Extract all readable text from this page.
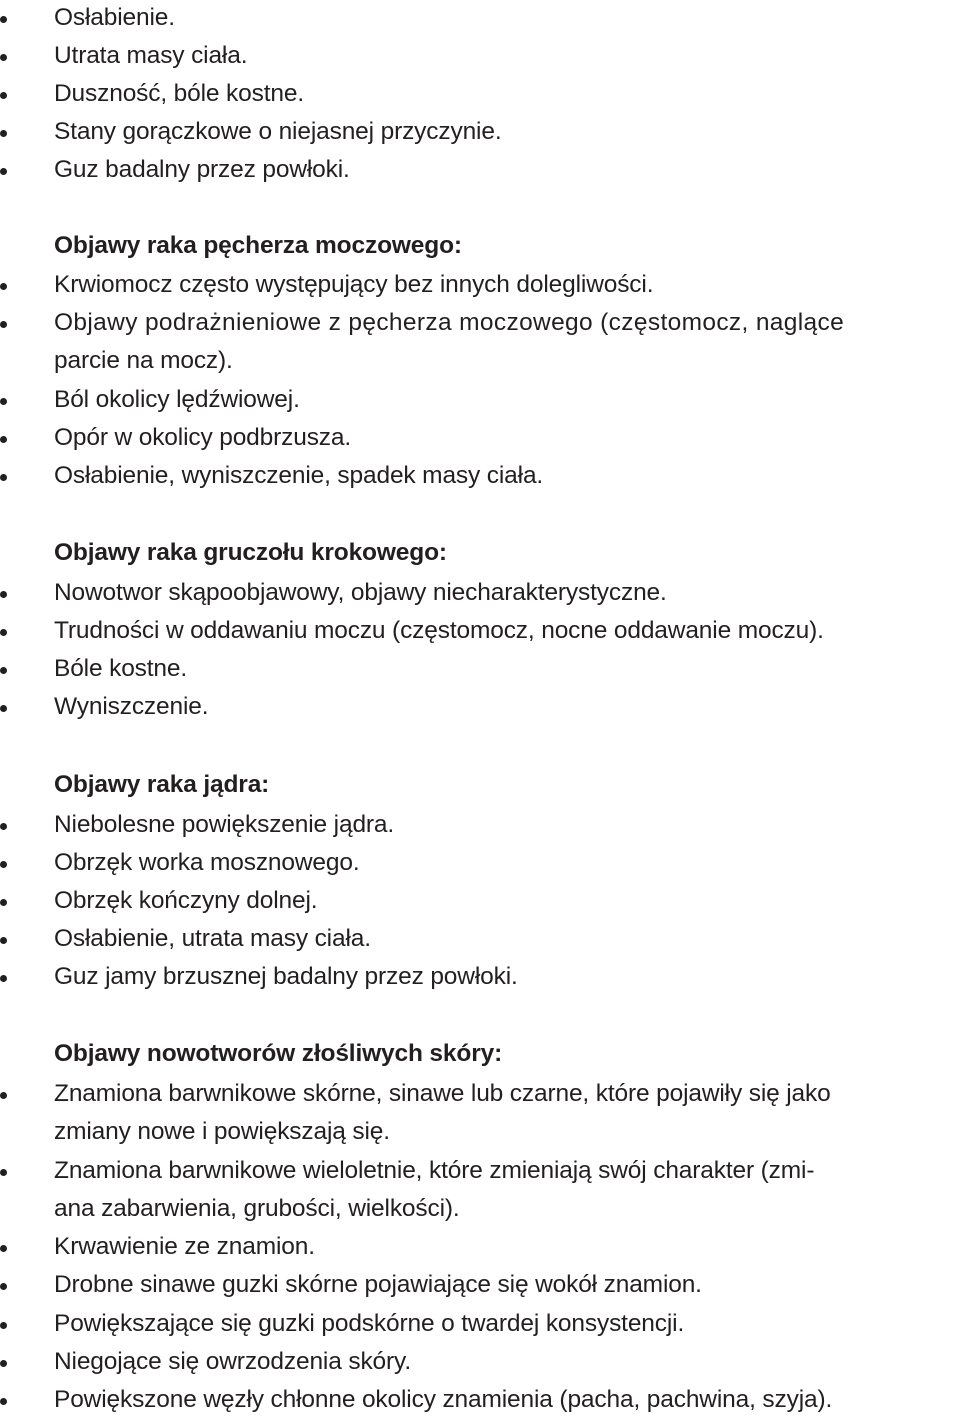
Osłabienie.
Utrata masy ciała.
Duszność, bóle kostne.
Stany gorączkowe o niejasnej przyczynie.
Guz badalny przez powłoki.
Objawy raka pęcherza moczowego:
Krwiomocz często występujący bez innych dolegliwości.
Objawy podrażnieniowe z pęcherza moczowego (częstomocz, naglące
parcie na mocz).
Ból okolicy lędźwiowej.
Opór w okolicy podbrzusza.
Osłabienie, wyniszczenie, spadek masy ciała.
Objawy raka gruczołu krokowego:
Nowotwor skąpoobjawowy, objawy niecharakterystyczne.
Trudności w oddawaniu moczu (częstomocz, nocne oddawanie moczu).
Bóle kostne.
Wyniszczenie.
Objawy raka jądra:
Niebolesne powiększenie jądra.
Obrzęk worka mosznowego.
Obrzęk kończyny dolnej.
Osłabienie, utrata masy ciała.
Guz jamy brzusznej badalny przez powłoki.
Objawy nowotworów złośliwych skóry:
Znamiona barwnikowe skórne, sinawe lub czarne, które pojawiły się jako
zmiany nowe i powiększają się.
Znamiona barwnikowe wieloletnie, które zmieniają swój charakter (zmi-
ana zabarwienia, grubości, wielkości).
Krwawienie ze znamion.
Drobne sinawe guzki skórne pojawiające się wokół znamion.
Powiększające się guzki podskórne o twardej konsystencji.
Niegojące się owrzodzenia skóry.
Powiększone węzły chłonne okolicy znamienia (pacha, pachwina, szyja).
